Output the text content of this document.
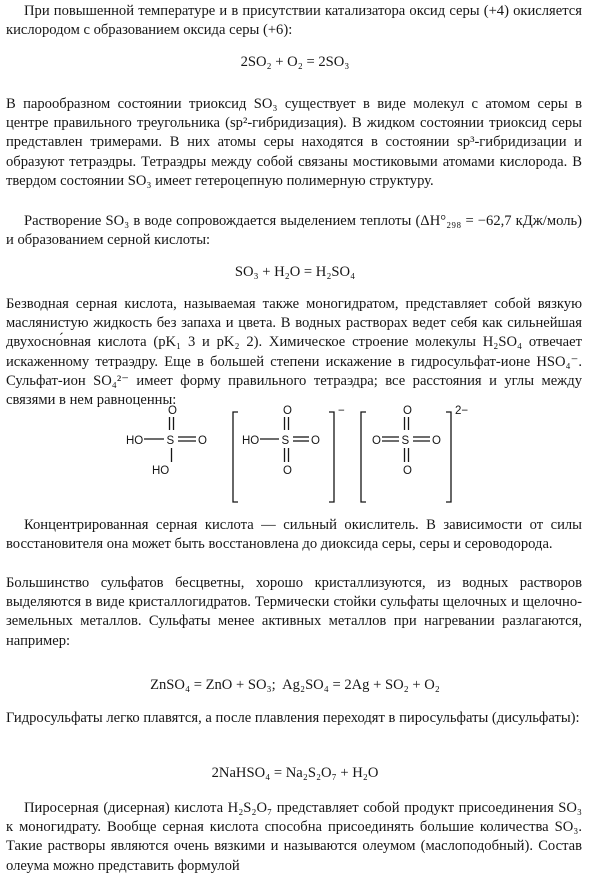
При повышенной температуре и в присутствии катализатора оксид серы (+4) окисляется кислородом с образованием оксида серы (+6):

2SO₂ + O₂ = 2SO₃

В парообразном состоянии триоксид SO₃ существует в виде молекул с атомом серы в центре правильного треугольника (sp²-гибридизация). В жидком состоянии триоксид серы представлен тримерами. В них атомы серы находятся в состоянии sp³-гибридизации и образуют тетраэдры. Тетраэдры между собой связаны мостиковыми атомами кислорода. В твердом состоянии SO₃ имеет гетероцепную полимерную структуру.

Растворение SO₃ в воде сопровождается выделением теплоты (ΔH°₂₉₈ = −62,7 кДж/моль) и образованием серной кислоты:

SO₃ + H₂O = H₂SO₄

Безводная серная кислота, называемая также моногидратом, представляет собой вязкую маслянистую жидкость без запаха и цвета. В водных растворах ведет себя как сильнейшая двухосно́вная кислота (pK₁ 3 и pK₂ 2). Химическое строение молекулы H₂SO₄ отвечает искаженному тетраэдру. Еще в большей степени искажение в гидросульфат-ионе HSO₄⁻. Сульфат-ион SO₄²⁻ имеет форму правильного тетраэдра; все расстояния и углы между связями в нем равноценны:

O
S
HO	O
HO
O
S
HO	O
O
−	O
S
O	O
O
2−

Концентрированная серная кислота — сильный окислитель. В зависимости от силы восстановителя она может быть восстановлена до диоксида серы, серы и сероводорода.

Большинство сульфатов бесцветны, хорошо кристаллизуются, из водных растворов выделяются в виде кристаллогидратов. Термически стойки сульфаты щелочных и щелочно-земельных металлов. Сульфаты менее активных металлов при нагревании разлагаются, например:

ZnSO₄ = ZnO + SO₃;  Ag₂SO₄ = 2Ag + SO₂ + O₂

Гидросульфаты легко плавятся, а после плавления переходят в пиросульфаты (дисульфаты):

2NaHSO₄ = Na₂S₂O₇ + H₂O

Пиросерная (дисерная) кислота H₂S₂O₇ представляет собой продукт присоединения SO₃ к моногидрату. Вообще серная кислота способна присоединять большие количества SO₃. Такие растворы являются очень вязкими и называются олеумом (маслоподобный). Состав олеума можно представить формулой
